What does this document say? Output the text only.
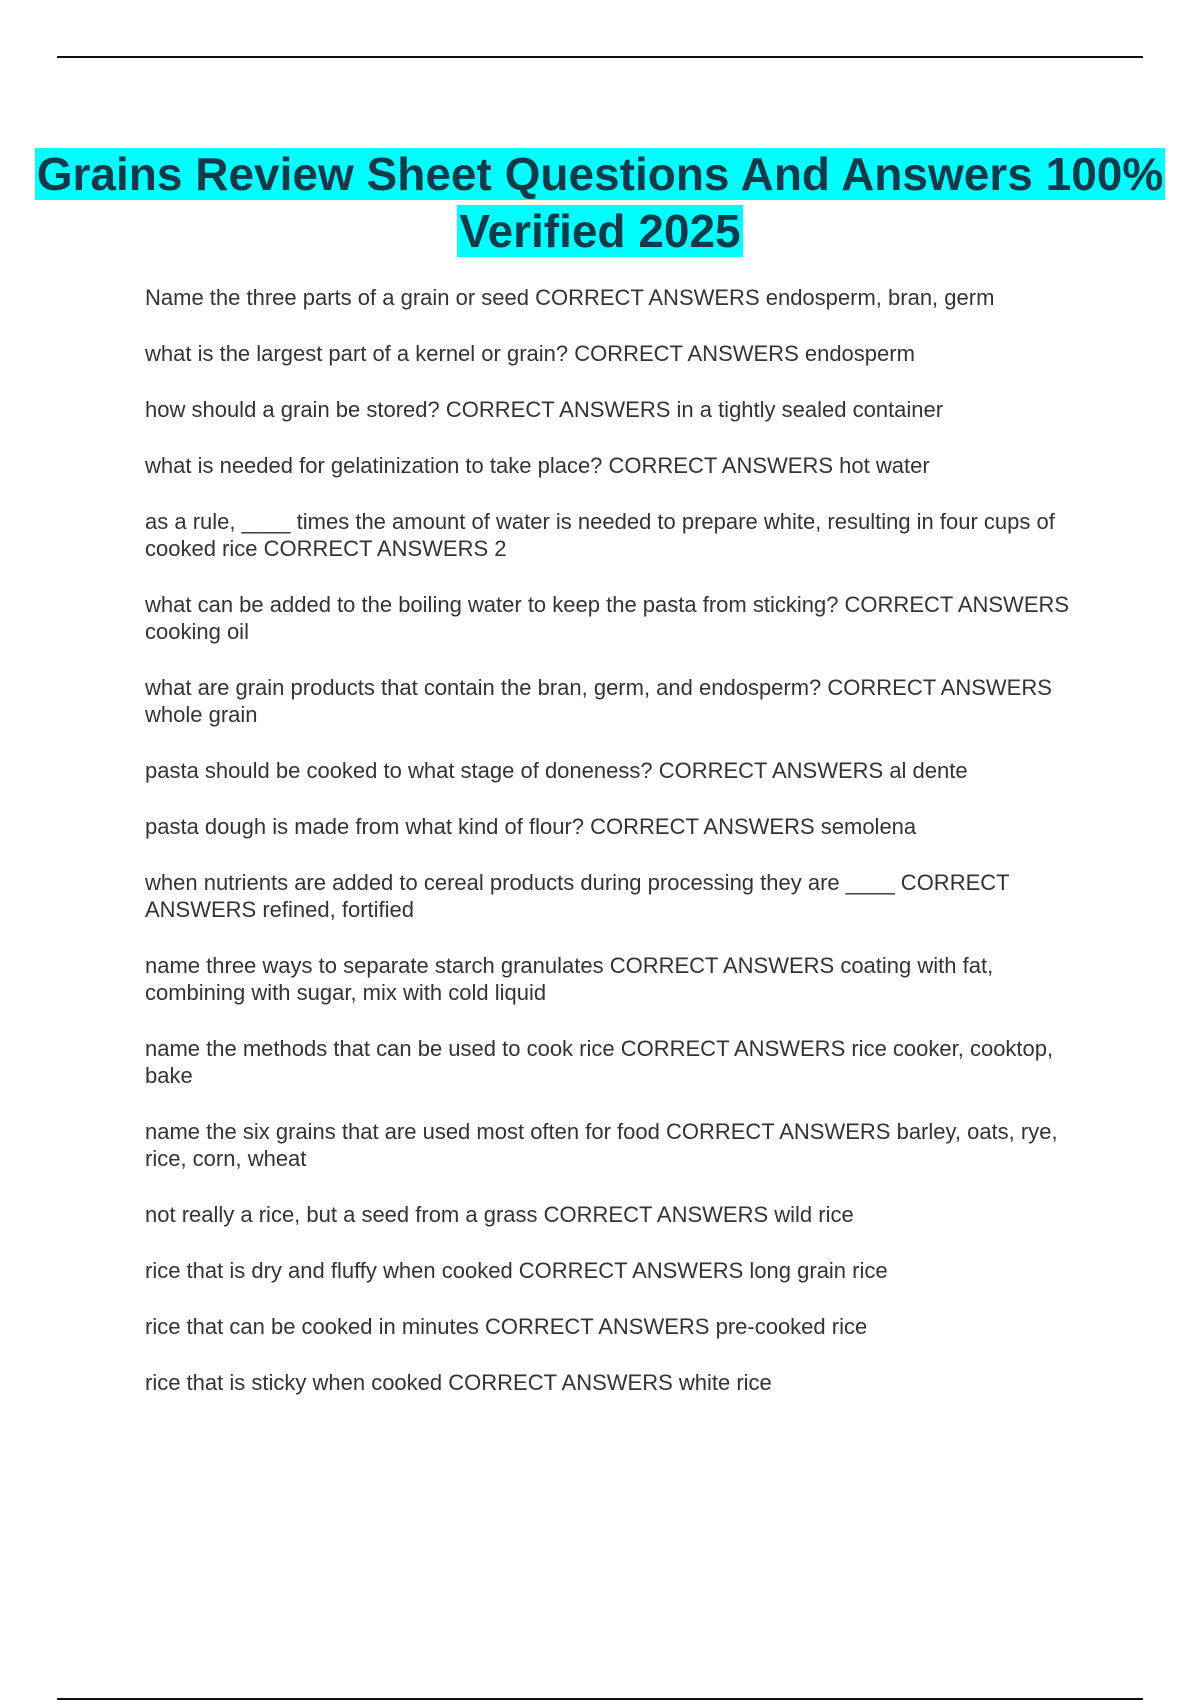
Grains Review Sheet Questions And Answers 100% Verified 2025
Name the three parts of a grain or seed CORRECT ANSWERS endosperm, bran, germ
what is the largest part of a kernel or grain? CORRECT ANSWERS endosperm
how should a grain be stored? CORRECT ANSWERS in a tightly sealed container
what is needed for gelatinization to take place? CORRECT ANSWERS hot water
as a rule, ____ times the amount of water is needed to prepare white, resulting in four cups of cooked rice CORRECT ANSWERS 2
what can be added to the boiling water to keep the pasta from sticking? CORRECT ANSWERS cooking oil
what are grain products that contain the bran, germ, and endosperm? CORRECT ANSWERS whole grain
pasta should be cooked to what stage of doneness? CORRECT ANSWERS al dente
pasta dough is made from what kind of flour? CORRECT ANSWERS semolena
when nutrients are added to cereal products during processing they are ____ CORRECT ANSWERS refined, fortified
name three ways to separate starch granulates CORRECT ANSWERS coating with fat, combining with sugar, mix with cold liquid
name the methods that can be used to cook rice CORRECT ANSWERS rice cooker, cooktop, bake
name the six grains that are used most often for food CORRECT ANSWERS barley, oats, rye, rice, corn, wheat
not really a rice, but a seed from a grass CORRECT ANSWERS wild rice
rice that is dry and fluffy when cooked CORRECT ANSWERS long grain rice
rice that can be cooked in minutes CORRECT ANSWERS pre-cooked rice
rice that is sticky when cooked CORRECT ANSWERS white rice
